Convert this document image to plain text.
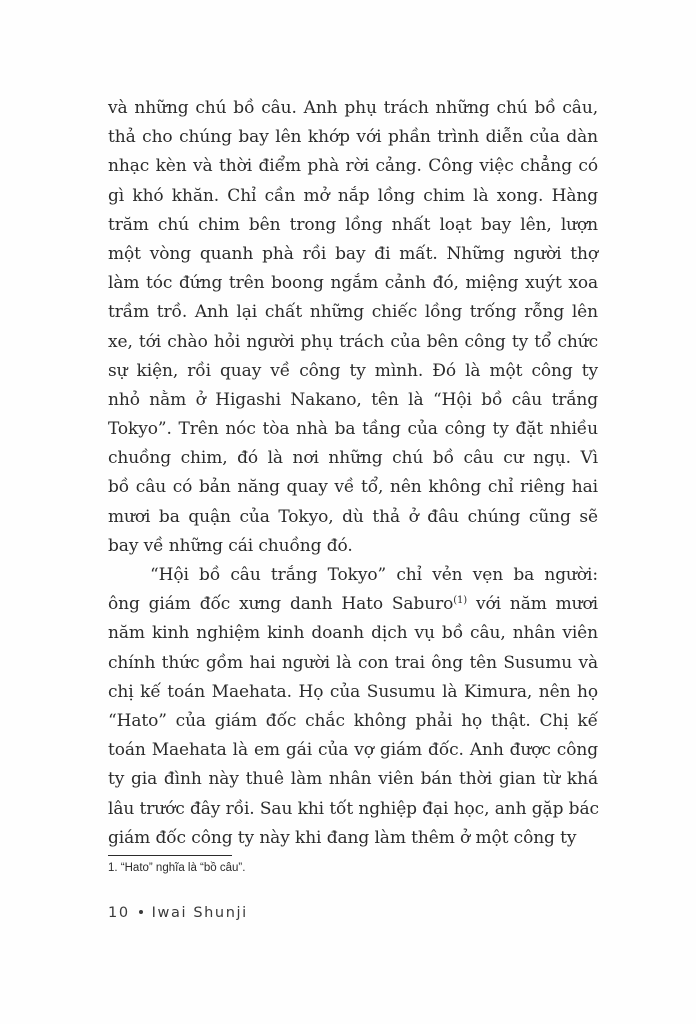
và những chú bồ câu. Anh phụ trách những chú bồ câu,
thả cho chúng bay lên khớp với phần trình diễn của dàn
nhạc kèn và thời điểm phà rời cảng. Công việc chẳng có
gì khó khăn. Chỉ cần mở nắp lồng chim là xong. Hàng
trăm chú chim bên trong lồng nhất loạt bay lên, lượn
một vòng quanh phà rồi bay đi mất. Những người thợ
làm tóc đứng trên boong ngắm cảnh đó, miệng xuýt xoa
trầm trồ. Anh lại chất những chiếc lồng trống rỗng lên
xe, tới chào hỏi người phụ trách của bên công ty tổ chức
sự kiện, rồi quay về công ty mình. Đó là một công ty
nhỏ nằm ở Higashi Nakano, tên là “Hội bồ câu trắng
Tokyo”. Trên nóc tòa nhà ba tầng của công ty đặt nhiều
chuồng chim, đó là nơi những chú bồ câu cư ngụ. Vì
bồ câu có bản năng quay về tổ, nên không chỉ riêng hai
mươi ba quận của Tokyo, dù thả ở đâu chúng cũng sẽ
bay về những cái chuồng đó.
“Hội bồ câu trắng Tokyo” chỉ vẻn vẹn ba người:
ông giám đốc xưng danh Hato Saburo$^{(1)}$ với năm mươi
năm kinh nghiệm kinh doanh dịch vụ bồ câu, nhân viên
chính thức gồm hai người là con trai ông tên Susumu và
chị kế toán Maehata. Họ của Susumu là Kimura, nên họ
“Hato” của giám đốc chắc không phải họ thật. Chị kế
toán Maehata là em gái của vợ giám đốc. Anh được công
ty gia đình này thuê làm nhân viên bán thời gian từ khá
lâu trước đây rồi. Sau khi tốt nghiệp đại học, anh gặp bác
giám đốc công ty này khi đang làm thêm ở một công ty
1. “Hato” nghĩa là “bồ câu”.
10 Iwai Shunji
